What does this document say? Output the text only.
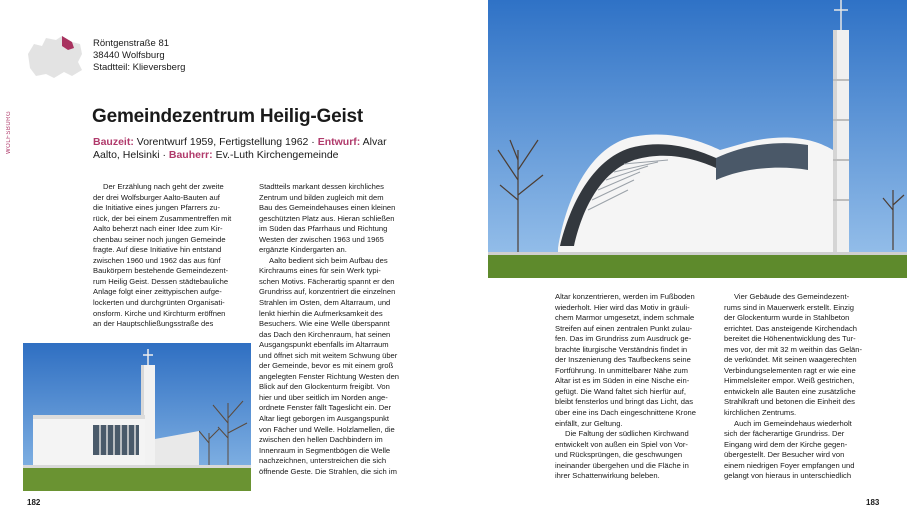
Röntgenstraße 81
38440 Wolfsburg
Stadtteil: Klieversberg
WOLFSBURG	Gemeindezentrum Heilig-Geist
Bauzeit: Vorentwurf 1959, Fertigstellung 1962 · Entwurf: Alvar Aalto, Helsinki · Bauherr: Ev.-Luth Kirchengemeinde

Der Erzählung nach geht der zweite

der drei Wolfsburger Aalto-Bauten auf

die Initiative eines jungen Pfarrers zu-

rück, der bei einem Zusammentreffen mit

Aalto beherzt nach einer Idee zum Kir-

chenbau seiner noch jungen Gemeinde

fragte. Auf diese Initiative hin entstand

zwischen 1960 und 1962 das aus fünf

Baukörpern bestehende Gemeindezent-

rum Heilig Geist. Dessen städtebauliche

Anlage folgt einer zeittypischen aufge-

lockerten und durchgrünten Organisati-

onsform. Kirche und Kirchturm eröffnen

an der Hauptschließungsstraße des

Stadtteils markant dessen kirchliches

Zentrum und bilden zugleich mit dem

Bau des Gemeindehauses einen kleinen

geschützten Platz aus. Hieran schließen

im Süden das Pfarrhaus und Richtung

Westen der zwischen 1963 und 1965

ergänzte Kindergarten an.

Aalto bedient sich beim Aufbau des

Kirchraums eines für sein Werk typi-

schen Motivs. Fächerartig spannt er den

Grundriss auf, konzentriert die einzelnen

Strahlen im Osten, dem Altarraum, und

lenkt hierhin die Aufmerksamkeit des

Besuchers. Wie eine Welle überspannt

das Dach den Kirchenraum, hat seinen

Ausgangspunkt ebenfalls im Altarraum

und öffnet sich mit weitem Schwung über

der Gemeinde, bevor es mit einem groß

angelegten Fenster Richtung Westen den

Blick auf den Glockenturm freigibt. Von

hier und über seitlich im Norden ange-

ordnete Fenster fällt Tageslicht ein. Der

Altar liegt geborgen im Ausgangspunkt

von Fächer und Welle. Holzlamellen, die

zwischen den hellen Dachbindern im

Innenraum in Segmentbögen die Welle

nachzeichnen, unterstreichen die sich

öffnende Geste. Die Strahlen, die sich im

Altar konzentrieren, werden im Fußboden

wiederholt. Hier wird das Motiv in gräuli-

chem Marmor umgesetzt, indem schmale

Streifen auf einen zentralen Punkt zulau-

fen. Das im Grundriss zum Ausdruck ge-

brachte liturgische Verständnis findet in

der Inszenierung des Taufbeckens seine

Fortführung. In unmittelbarer Nähe zum

Altar ist es im Süden in eine Nische ein-

gefügt. Die Wand faltet sich hierfür auf,

bleibt fensterlos und bringt das Licht, das

über eine ins Dach eingeschnittene Krone

einfällt, zur Geltung.

Die Faltung der südlichen Kirchwand

entwickelt von außen ein Spiel von Vor-

und Rücksprüngen, die geschwungen

ineinander übergehen und die Fläche in

ihrer Schattenwirkung beleben.

Vier Gebäude des Gemeindezent-

rums sind in Mauerwerk erstellt. Einzig

der Glockenturm wurde in Stahlbeton

errichtet. Das ansteigende Kirchendach

bereitet die Höhenentwicklung des Tur-

mes vor, der mit 32 m weithin das Gelän-

de verkündet. Mit seinen waagerechten

Verbindungselementen ragt er wie eine

Himmelsleiter empor. Weiß gestrichen,

entwickeln alle Bauten eine zusätzliche

Strahlkraft und betonen die Einheit des

kirchlichen Zentrums.

Auch im Gemeindehaus wiederholt

sich der fächerartige Grundriss. Der

Eingang wird dem der Kirche gegen-

übergestellt. Der Besucher wird von

einem niedrigen Foyer empfangen und

gelangt von hieraus in unterschiedlich

182	183
